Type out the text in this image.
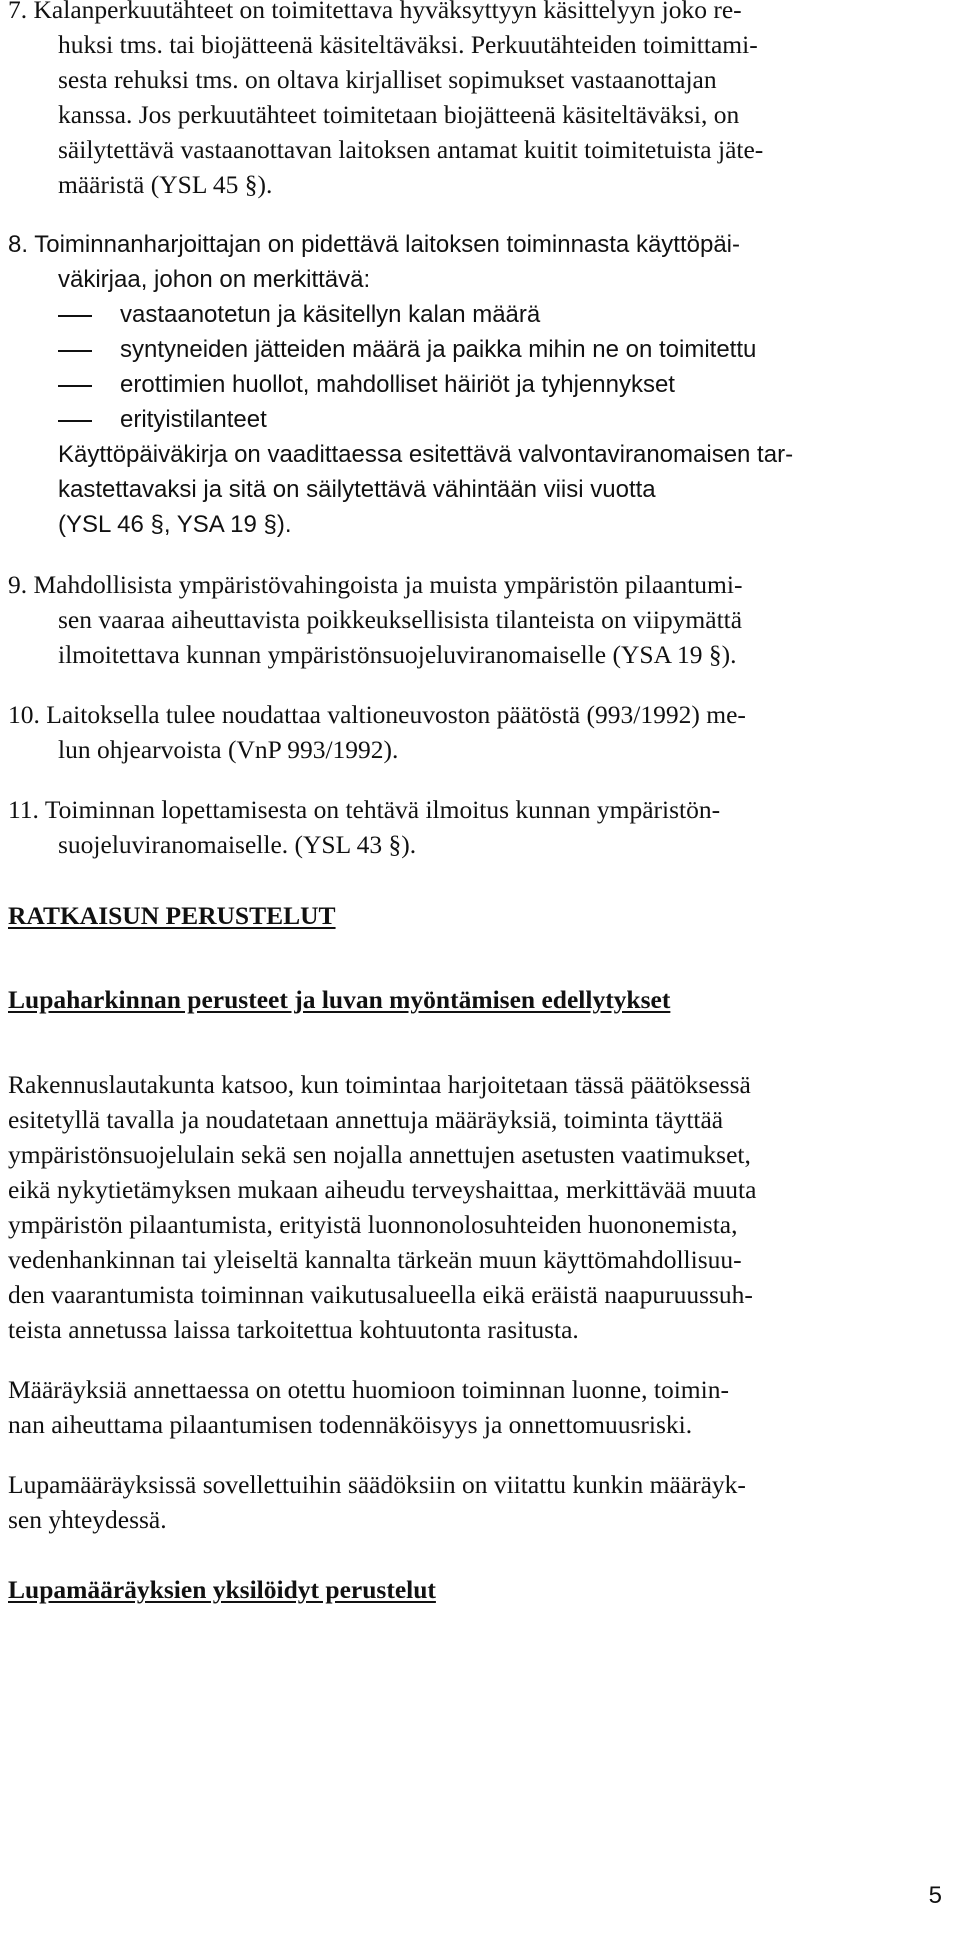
7. Kalanperkuutähteet on toimitettava hyväksyttyyn käsittelyyn joko re-
huksi tms. tai biojätteenä käsiteltäväksi. Perkuutähteiden toimittami-
sesta rehuksi tms. on oltava kirjalliset sopimukset vastaanottajan
kanssa. Jos perkuutähteet toimitetaan biojätteenä käsiteltäväksi, on
säilytettävä vastaanottavan laitoksen antamat kuitit toimitetuista jäte-
määristä (YSL 45 §).
8. Toiminnanharjoittajan on pidettävä laitoksen toiminnasta käyttöpäi-
väkirjaa, johon on merkittävä:
vastaanotetun ja käsitellyn kalan määrä
syntyneiden jätteiden määrä ja paikka mihin ne on toimitettu
erottimien huollot, mahdolliset häiriöt ja tyhjennykset
erityistilanteet
Käyttöpäiväkirja on vaadittaessa esitettävä valvontaviranomaisen tar-
kastettavaksi ja sitä on säilytettävä vähintään viisi vuotta
(YSL 46 §, YSA 19 §).
9. Mahdollisista ympäristövahingoista ja muista ympäristön pilaantumi-
sen vaaraa aiheuttavista poikkeuksellisista tilanteista on viipymättä
ilmoitettava kunnan ympäristönsuojeluviranomaiselle (YSA 19 §).
10. Laitoksella tulee noudattaa valtioneuvoston päätöstä (993/1992) me-
lun ohjearvoista (VnP 993/1992).
11. Toiminnan lopettamisesta on tehtävä ilmoitus kunnan ympäristön-
suojeluviranomaiselle. (YSL 43 §).
RATKAISUN PERUSTELUT
Lupaharkinnan perusteet ja luvan myöntämisen edellytykset
Rakennuslautakunta katsoo, kun toimintaa harjoitetaan tässä päätöksessä
esitetyllä tavalla ja noudatetaan annettuja määräyksiä, toiminta täyttää
ympäristönsuojelulain sekä sen nojalla annettujen asetusten vaatimukset,
eikä nykytietämyksen mukaan aiheudu terveyshaittaa, merkittävää muuta
ympäristön pilaantumista, erityistä luonnonolosuhteiden huononemista,
vedenhankinnan tai yleiseltä kannalta tärkeän muun käyttömahdollisuu-
den vaarantumista toiminnan vaikutusalueella eikä eräistä naapuruussuh-
teista annetussa laissa tarkoitettua kohtuutonta rasitusta.
Määräyksiä annettaessa on otettu huomioon toiminnan luonne, toimin-
nan aiheuttama pilaantumisen todennäköisyys ja onnettomuusriski.
Lupamääräyksissä sovellettuihin säädöksiin on viitattu kunkin määräyk-
sen yhteydessä.
Lupamääräyksien yksilöidyt perustelut
5
